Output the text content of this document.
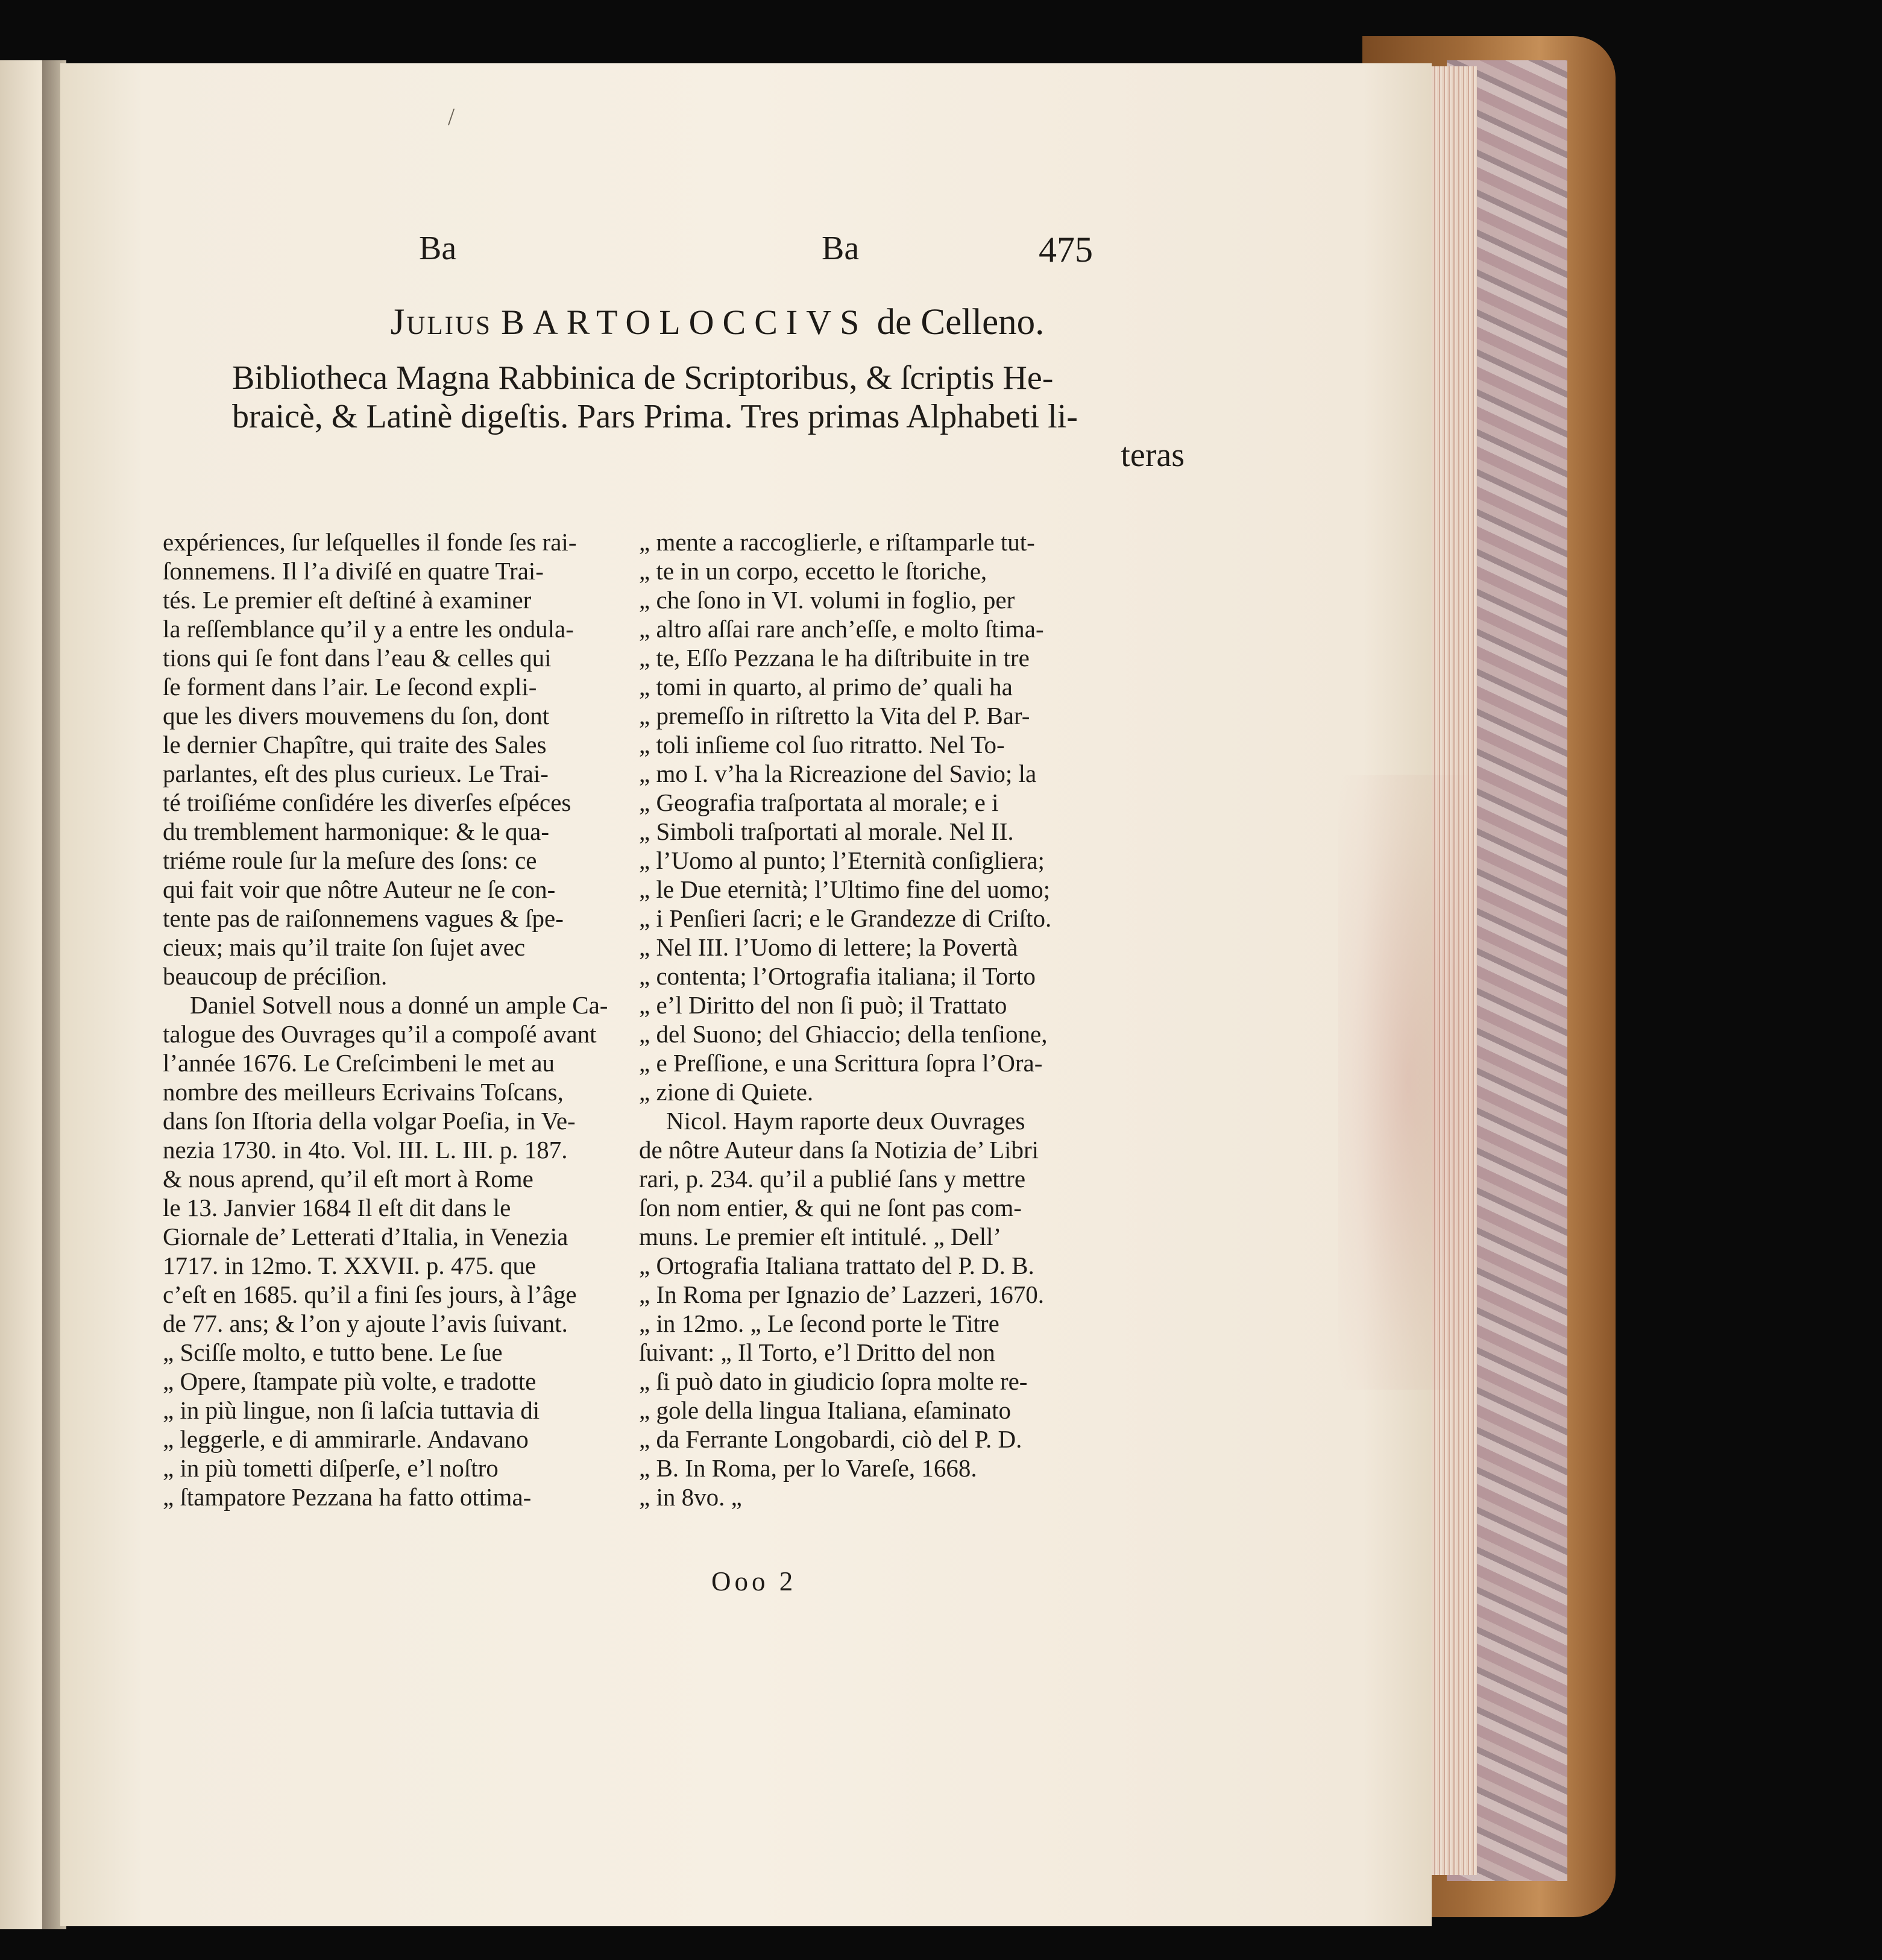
/
Ba	Ba	475
Julius BARTOLOCCIVS de Celleno.
Bibliotheca Magna Rabbinica de Scriptoribus, & ſcriptis He-
braicè, & Latinè digeſtis. Pars Prima. Tres primas Alphabeti li-
teras
expériences, ſur leſquelles il fonde ſes rai-
ſonnemens. Il l’a diviſé en quatre Trai-
tés. Le premier eſt deſtiné à examiner
la reſſemblance qu’il y a entre les ondula-
tions qui ſe font dans l’eau & celles qui
ſe forment dans l’air. Le ſecond expli-
que les divers mouvemens du ſon, dont
le dernier Chapître, qui traite des Sales
parlantes, eſt des plus curieux. Le Trai-
té troiſiéme conſidére les diverſes eſpéces
du tremblement harmonique: & le qua-
triéme roule ſur la meſure des ſons: ce
qui fait voir que nôtre Auteur ne ſe con-
tente pas de raiſonnemens vagues & ſpe-
cieux; mais qu’il traite ſon ſujet avec
beaucoup de préciſion.
Daniel Sotvell nous a donné un ample Ca-
talogue des Ouvrages qu’il a compoſé avant
l’année 1676. Le Creſcimbeni le met au
nombre des meilleurs Ecrivains Toſcans,
dans ſon Iſtoria della volgar Poeſia, in Ve-
nezia 1730. in 4to. Vol. III. L. III. p. 187.
& nous aprend, qu’il eſt mort à Rome
le 13. Janvier 1684 Il eſt dit dans le
Giornale de’ Letterati d’Italia, in Venezia
1717. in 12mo. T. XXVII. p. 475. que
c’eſt en 1685. qu’il a fini ſes jours, à l’âge
de 77. ans; & l’on y ajoute l’avis ſuivant.
„ Sciſſe molto, e tutto bene. Le ſue
„ Opere, ſtampate più volte, e tradotte
„ in più lingue, non ſi laſcia tuttavia di
„ leggerle, e di ammirarle. Andavano
„ in più tometti diſperſe, e’l noſtro
„ ſtampatore Pezzana ha fatto ottima-
„ mente a raccoglierle, e riſtamparle tut-
„ te in un corpo, eccetto le ſtoriche,
„ che ſono in VI. volumi in foglio, per
„ altro aſſai rare anch’eſſe, e molto ſtima-
„ te, Eſſo Pezzana le ha diſtribuite in tre
„ tomi in quarto, al primo de’ quali ha
„ premeſſo in riſtretto la Vita del P. Bar-
„ toli inſieme col ſuo ritratto. Nel To-
„ mo I. v’ha la Ricreazione del Savio; la
„ Geografia traſportata al morale; e i
„ Simboli traſportati al morale. Nel II.
„ l’Uomo al punto; l’Eternità conſigliera;
„ le Due eternità; l’Ultimo fine del uomo;
„ i Penſieri ſacri; e le Grandezze di Criſto.
„ Nel III. l’Uomo di lettere; la Povertà
„ contenta; l’Ortografia italiana; il Torto
„ e’l Diritto del non ſi può; il Trattato
„ del Suono; del Ghiaccio; della tenſione,
„ e Preſſione, e una Scrittura ſopra l’Ora-
„ zione di Quiete.
Nicol. Haym raporte deux Ouvrages
de nôtre Auteur dans ſa Notizia de’ Libri
rari, p. 234. qu’il a publié ſans y mettre
ſon nom entier, & qui ne ſont pas com-
muns. Le premier eſt intitulé. „ Dell’
„ Ortografia Italiana trattato del P. D. B.
„ In Roma per Ignazio de’ Lazzeri, 1670.
„ in 12mo. „ Le ſecond porte le Titre
ſuivant: „ Il Torto, e’l Dritto del non
„ ſi può dato in giudicio ſopra molte re-
„ gole della lingua Italiana, eſaminato
„ da Ferrante Longobardi, ciò del P. D.
„ B. In Roma, per lo Vareſe, 1668.
„ in 8vo. „
Ooo 2
